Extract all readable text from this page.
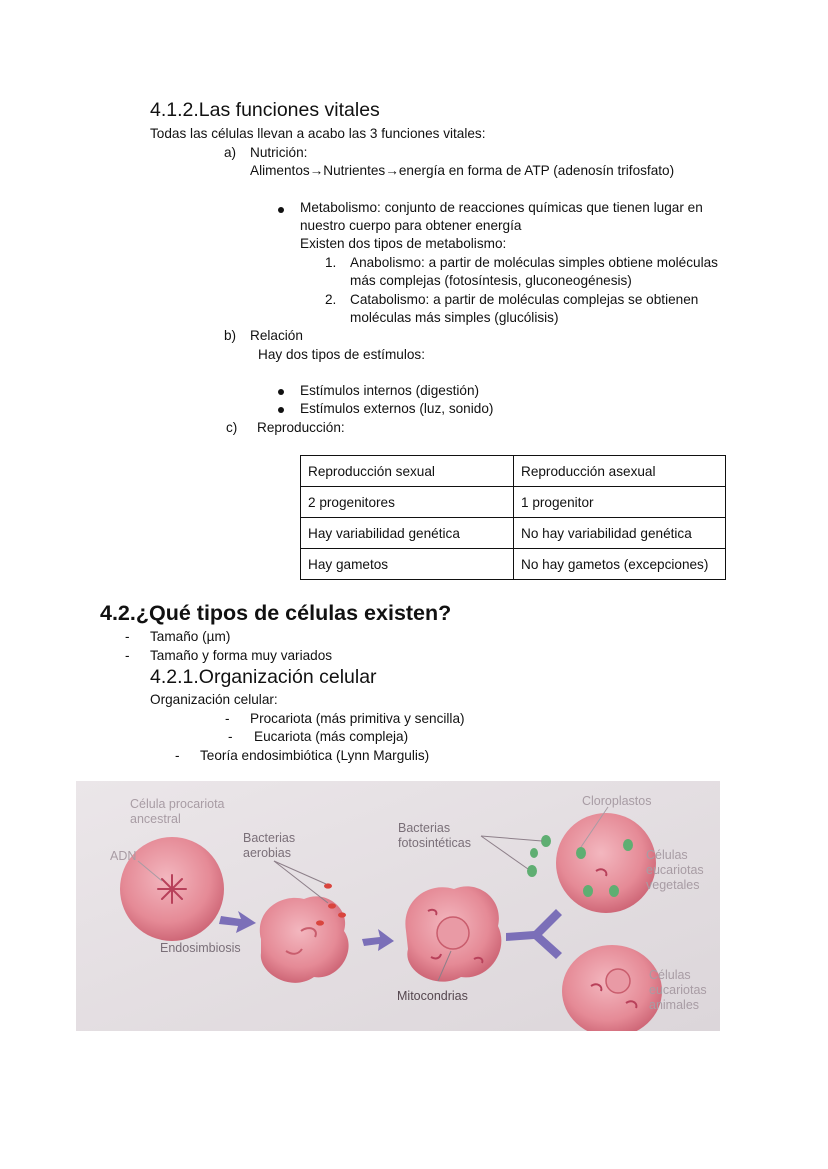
4.1.2.Las funciones vitales
Todas las células llevan a acabo las 3 funciones vitales:
a) Nutrición:
Alimentos→Nutrientes→energía en forma de ATP (adenosín trifosfato)
Metabolismo: conjunto de reacciones químicas que tienen lugar en
nuestro cuerpo para obtener energía
Existen dos tipos de metabolismo:
1. Anabolismo: a partir de moléculas simples obtiene moléculas
más complejas (fotosíntesis, gluconeogénesis)
2. Catabolismo: a partir de moléculas complejas se obtienen
moléculas más simples (glucólisis)
b) Relación
Hay dos tipos de estímulos:
Estímulos internos (digestión)
Estímulos externos (luz, sonido)
c) Reproducción:
Reproducción sexual	Reproducción asexual
2 progenitores	1 progenitor
Hay variabilidad genética	No hay variabilidad genética
Hay gametos	No hay gametos (excepciones)
4.2.¿Qué tipos de células existen?
- Tamaño (µm)
- Tamaño y forma muy variados
4.2.1.Organización celular
Organización celular:
- Procariota (más primitiva y sencilla)
- Eucariota (más compleja)
- Teoría endosimbiótica (Lynn Margulis)
Célula procariota
ancestral
ADN
Bacterias
aerobias
Bacterias
fotosintéticas
Cloroplastos
Endosimbiosis
Mitocondrias
Células
eucariotas
vegetales
Células
eucariotas
animales
